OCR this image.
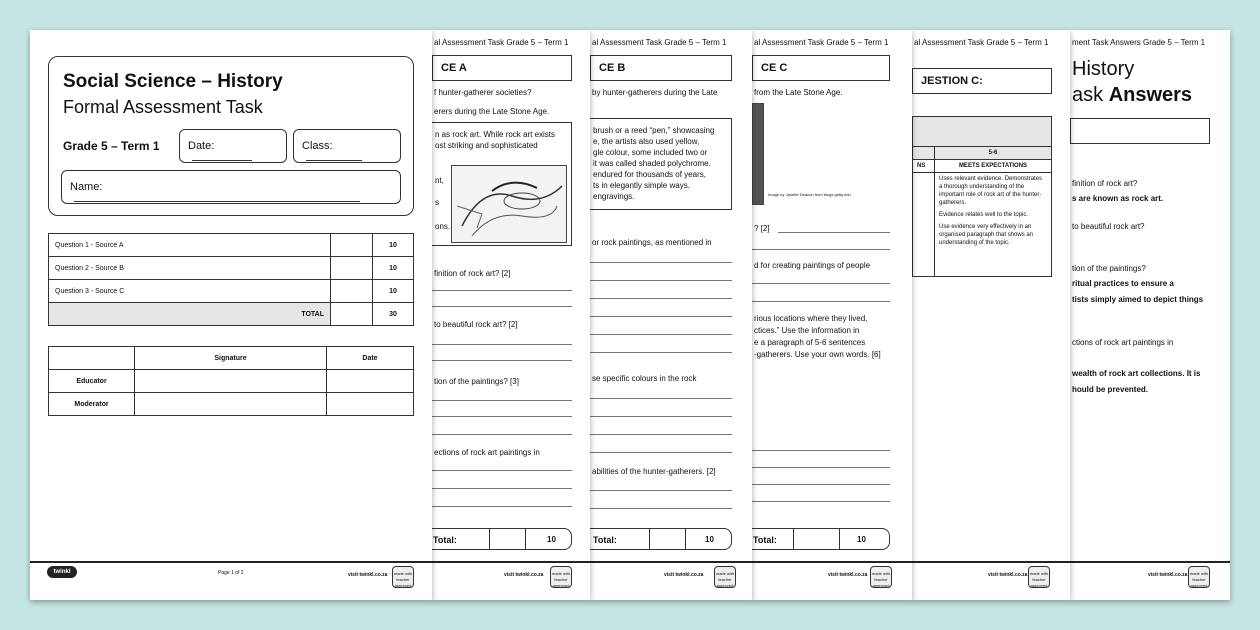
ment Task Answers Grade 5 – Term 1
History
ask Answers
finition of rock art?
s are known as rock art.
to beautiful rock art?
tion of the paintings?
ritual practices to ensure a
tists simply aimed to depict things
ctions of rock art paintings in
wealth of rock art collections. It is
hould be prevented.
visit twinkl.co.za made with teacher approved
al Assessment Task Grade 5 – Term 1
JESTION C:

	5-6
NS	MEETS EXPECTATIONS

	Uses relevant evidence. Demonstrates a thorough understanding of the important role of rock art of the hunter-gatherers.
Evidence relates well to the topic.
Use evidence very effectively in an organised paragraph that shows an understanding of the topic.
visit twinkl.co.za made with teacher approved
al Assessment Task Grade 5 – Term 1
CE C
from the Late Stone Age.
Image by Janette Deacon from blogs.getty.edu
? [2]
d for creating paintings of people
rious locations where they lived,
ctices.” Use the information in
e a paragraph of 5-6 sentences
-gatherers. Use your own words. [6]
Total:	10
visit twinkl.co.za	made with teacher approved
al Assessment Task Grade 5 – Term 1
CE B
by hunter-gatherers during the Late
brush or a reed “pen,” showcasing
e, the artists also used yellow,
gle colour, some included two or
it was called shaded polychrome.
endured for thousands of years,
ts in elegantly simple ways.
engravings.
or rock paintings, as mentioned in
se specific colours in the rock
abilities of the hunter-gatherers. [2]
Total:	10
visit twinkl.co.za	made with teacher approved
al Assessment Task Grade 5 – Term 1
CE A
f hunter-gatherer societies?
erers during the Late Stone Age.
n as rock art. While rock art exists
ost striking and sophisticated
nt,
s
ons.
finition of rock art? [2]
to beautiful rock art? [2]
tion of the paintings? [3]
ections of rock art paintings in
Total:	10
visit twinkl.co.za	made with teacher approved
Social Science – History
Formal Assessment Task
Grade 5 – Term 1	Date:	Class:
Name:
Question 1 - Source A		10
Question 2 - Source B		10
Question 3 - Source C		10
TOTAL		30
	Signature	Date
Educator		
Moderator		
twinkl	Page 1 of 2	visit twinkl.co.za	made with teacher approved
